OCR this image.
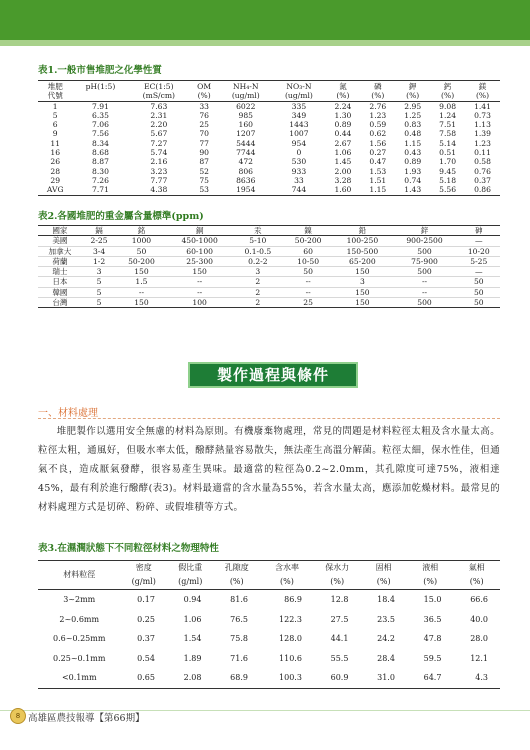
表1.一般市售堆肥之化學性質
堆肥	pH(1:5)	EC(1:5)	OM	NH₄-N	NO₃-N	氮	磷	鉀	鈣	鎂
代號		(mS/cm)	(%)	(ug/ml)	(ug/ml)	(%)	(%)	(%)	(%)	(%)
1	7.91	7.63	33	6022	335	2.24	2.76	2.95	9.08	1.41
5	6.35	2.31	76	985	349	1.30	1.23	1.25	1.24	0.73
6	7.06	2.20	25	160	1443	0.89	0.59	0.83	7.51	1.13
9	7.56	5.67	70	1207	1007	0.44	0.62	0.48	7.58	1.39
11	8.34	7.27	77	5444	954	2.67	1.56	1.15	5.14	1.23
16	8.68	5.74	90	7744	0	1.06	0.27	0.43	0.51	0.11
26	8.87	2.16	87	472	530	1.45	0.47	0.89	1.70	0.58
28	8.30	3.23	52	806	933	2.00	1.53	1.93	9.45	0.76
29	7.26	7.77	75	8636	33	3.28	1.51	0.74	5.18	0.37
AVG	7.71	4.38	53	1954	744	1.60	1.15	1.43	5.56	0.86
表2.各國堆肥的重金屬含量標準(ppm)
國家	鎘	銘	銅	汞	鎳	鉛	鋅	砷
美國	2-25	1000	450-1000	5-10	50-200	100-250	900-2500	—
加拿大	3-4	50	60-100	0.1-0.5	60	150-500	500	10-20
荷蘭	1-2	50-200	25-300	0.2-2	10-50	65-200	75-900	5-25
瑞士	3	150	150	3	50	150	500	—
日本	5	1.5	--	2	--	3	--	50
韓國	5	--	--	2	--	150	--	50
台灣	5	150	100	2	25	150	500	50
製作過程與條件
一、材料處理

堆肥製作以選用安全無慮的材料為原則。有機廢棄物處理，常見的問題是材料粒徑太粗及含水量太高。粒徑太粗，通風好，但吸水率太低，醱酵熱量容易散失，無法產生高溫分解菌。粒徑太細，保水性佳，但通氣不良，造成厭氣發酵，很容易產生異味。最適當的粒徑為0.2~2.0mm，其孔隙度可達75%，液相達45%，最有利於進行醱酵(表3)。材料最適當的含水量為55%，若含水量太高，應添加乾燥材料。最常見的材料處理方式是切碎、粉碎、或假堆積等方式。

表3.在濕潤狀態下不同粒徑材料之物理特性
材料粒徑	密度	假比重	孔隙度	含水率	保水力	固相	液相	氣相
	(g/ml)	(g/ml)	(%)	(%)	(%)	(%)	(%)	(%)
3~2mm	0.17	0.94	81.6	86.9	12.8	18.4	15.0	66.6
2~0.6mm	0.25	1.06	76.5	122.3	27.5	23.5	36.5	40.0
0.6~0.25mm	0.37	1.54	75.8	128.0	44.1	24.2	47.8	28.0
0.25~0.1mm	0.54	1.89	71.6	110.6	55.5	28.4	59.5	12.1
<0.1mm	0.65	2.08	68.9	100.3	60.9	31.0	64.7	4.3
8 高雄區農技報導【第66期】
